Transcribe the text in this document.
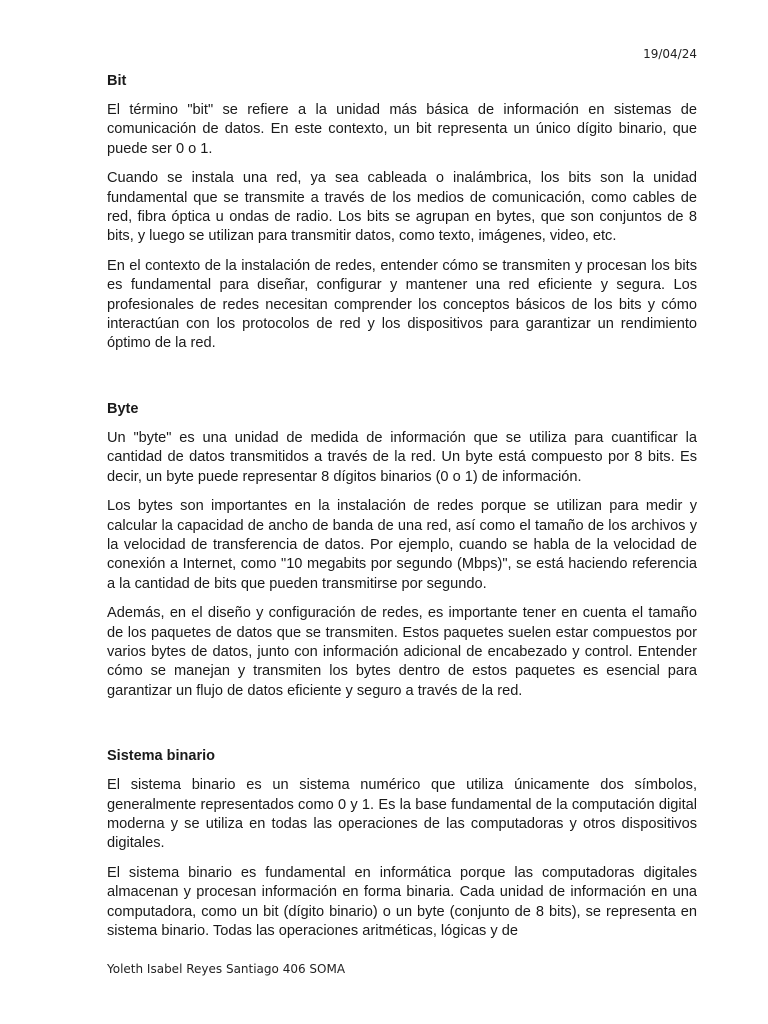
19/04/24
Bit

El término "bit" se refiere a la unidad más básica de información en sistemas de comunicación de datos. En este contexto, un bit representa un único dígito binario, que puede ser 0 o 1.

Cuando se instala una red, ya sea cableada o inalámbrica, los bits son la unidad fundamental que se transmite a través de los medios de comunicación, como cables de red, fibra óptica u ondas de radio. Los bits se agrupan en bytes, que son conjuntos de 8 bits, y luego se utilizan para transmitir datos, como texto, imágenes, video, etc.

En el contexto de la instalación de redes, entender cómo se transmiten y procesan los bits es fundamental para diseñar, configurar y mantener una red eficiente y segura. Los profesionales de redes necesitan comprender los conceptos básicos de los bits y cómo interactúan con los protocolos de red y los dispositivos para garantizar un rendimiento óptimo de la red.

Byte

Un "byte" es una unidad de medida de información que se utiliza para cuantificar la cantidad de datos transmitidos a través de la red. Un byte está compuesto por 8 bits. Es decir, un byte puede representar 8 dígitos binarios (0 o 1) de información.

Los bytes son importantes en la instalación de redes porque se utilizan para medir y calcular la capacidad de ancho de banda de una red, así como el tamaño de los archivos y la velocidad de transferencia de datos. Por ejemplo, cuando se habla de la velocidad de conexión a Internet, como "10 megabits por segundo (Mbps)", se está haciendo referencia a la cantidad de bits que pueden transmitirse por segundo.

Además, en el diseño y configuración de redes, es importante tener en cuenta el tamaño de los paquetes de datos que se transmiten. Estos paquetes suelen estar compuestos por varios bytes de datos, junto con información adicional de encabezado y control. Entender cómo se manejan y transmiten los bytes dentro de estos paquetes es esencial para garantizar un flujo de datos eficiente y seguro a través de la red.

Sistema binario

El sistema binario es un sistema numérico que utiliza únicamente dos símbolos, generalmente representados como 0 y 1. Es la base fundamental de la computación digital moderna y se utiliza en todas las operaciones de las computadoras y otros dispositivos digitales.

El sistema binario es fundamental en informática porque las computadoras digitales almacenan y procesan información en forma binaria. Cada unidad de información en una computadora, como un bit (dígito binario) o un byte (conjunto de 8 bits), se representa en sistema binario. Todas las operaciones aritméticas, lógicas y de

Yoleth Isabel Reyes Santiago 406 SOMA
